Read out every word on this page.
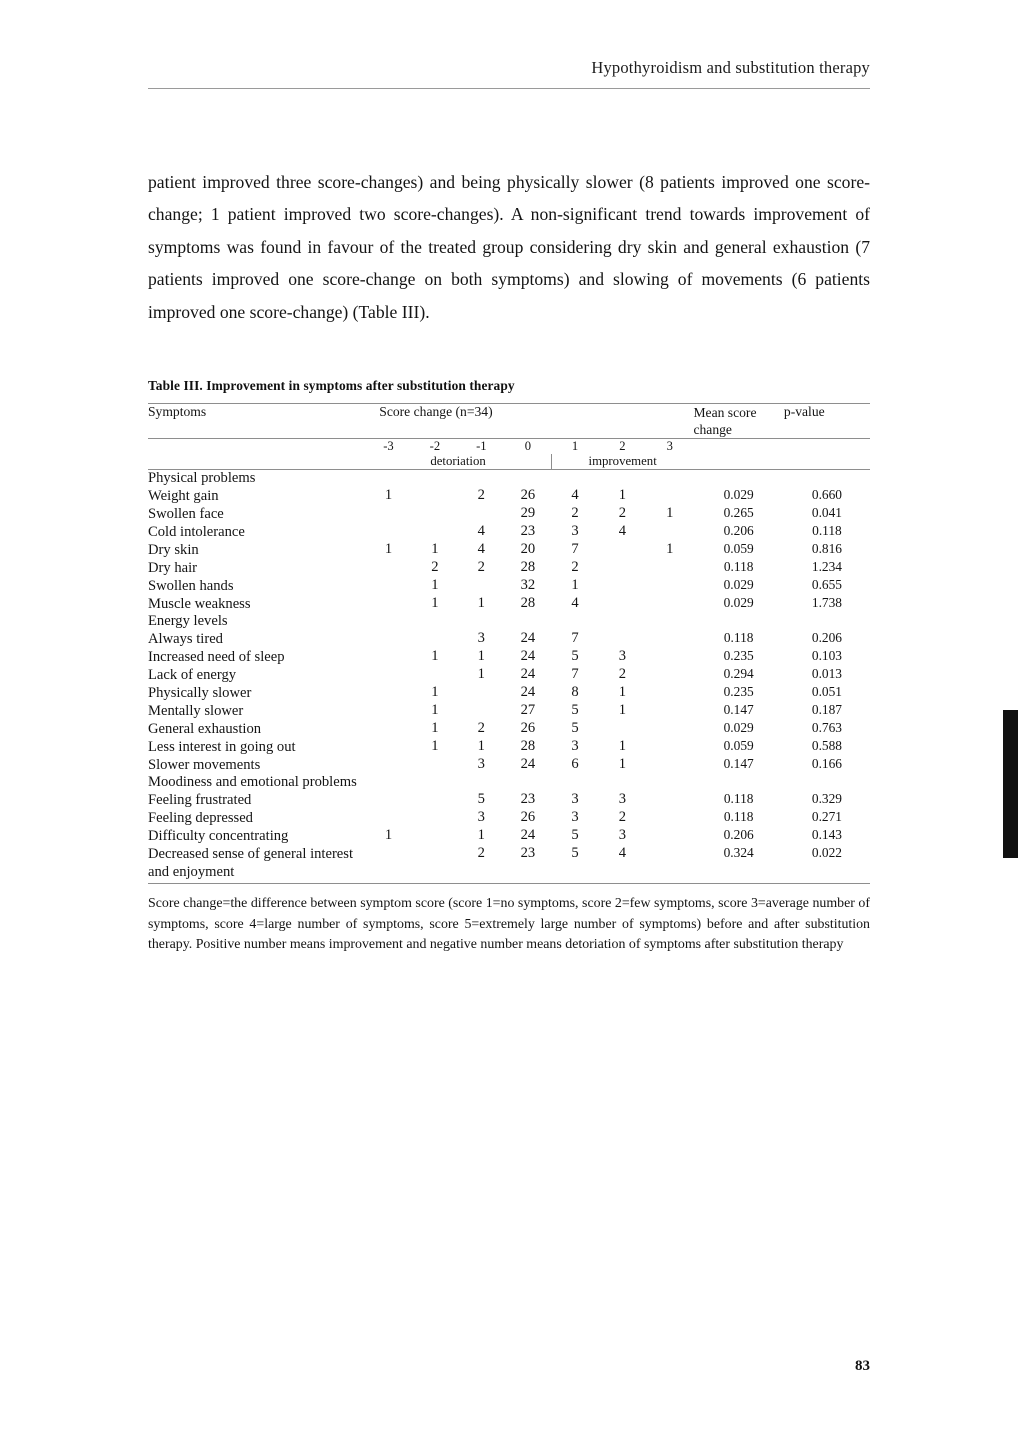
Hypothyroidism and substitution therapy

patient improved three score-changes) and being physically slower (8 patients improved one score-change; 1 patient improved two score-changes). A non-significant trend towards improvement of symptoms was found in favour of the treated group considering dry skin and general exhaustion (7 patients improved one score-change on both symptoms) and slowing of movements (6 patients improved one score-change) (Table III).

Table III. Improvement in symptoms after substitution therapy
Symptoms	Score change (n=34)							Mean score change	p-value
	-3	-2	-1	0	1	2	3		
	detoriation				improvement				
Physical problems									
Weight gain	1		2	26	4	1		0.029	0.660
Swollen face				29	2	2	1	0.265	0.041
Cold intolerance			4	23	3	4		0.206	0.118
Dry skin	1	1	4	20	7		1	0.059	0.816
Dry hair		2	2	28	2			0.118	1.234
Swollen hands		1		32	1			0.029	0.655
Muscle weakness		1	1	28	4			0.029	1.738
Energy levels									
Always tired			3	24	7			0.118	0.206
Increased need of sleep		1	1	24	5	3		0.235	0.103
Lack of energy			1	24	7	2		0.294	0.013
Physically slower		1		24	8	1		0.235	0.051
Mentally slower		1		27	5	1		0.147	0.187
General exhaustion		1	2	26	5			0.029	0.763
Less interest in going out		1	1	28	3	1		0.059	0.588
Slower movements			3	24	6	1		0.147	0.166
Moodiness and emotional problems									
Feeling frustrated			5	23	3	3		0.118	0.329
Feeling depressed			3	26	3	2		0.118	0.271
Difficulty concentrating	1		1	24	5	3		0.206	0.143
Decreased sense of general interest and enjoyment			2	23	5	4		0.324	0.022
Score change=the difference between symptom score (score 1=no symptoms, score 2=few symptoms, score 3=average number of symptoms, score 4=large number of symptoms, score 5=extremely large number of symptoms) before and after substitution therapy. Positive number means improvement and negative number means detoriation of symptoms after substitution therapy
83
